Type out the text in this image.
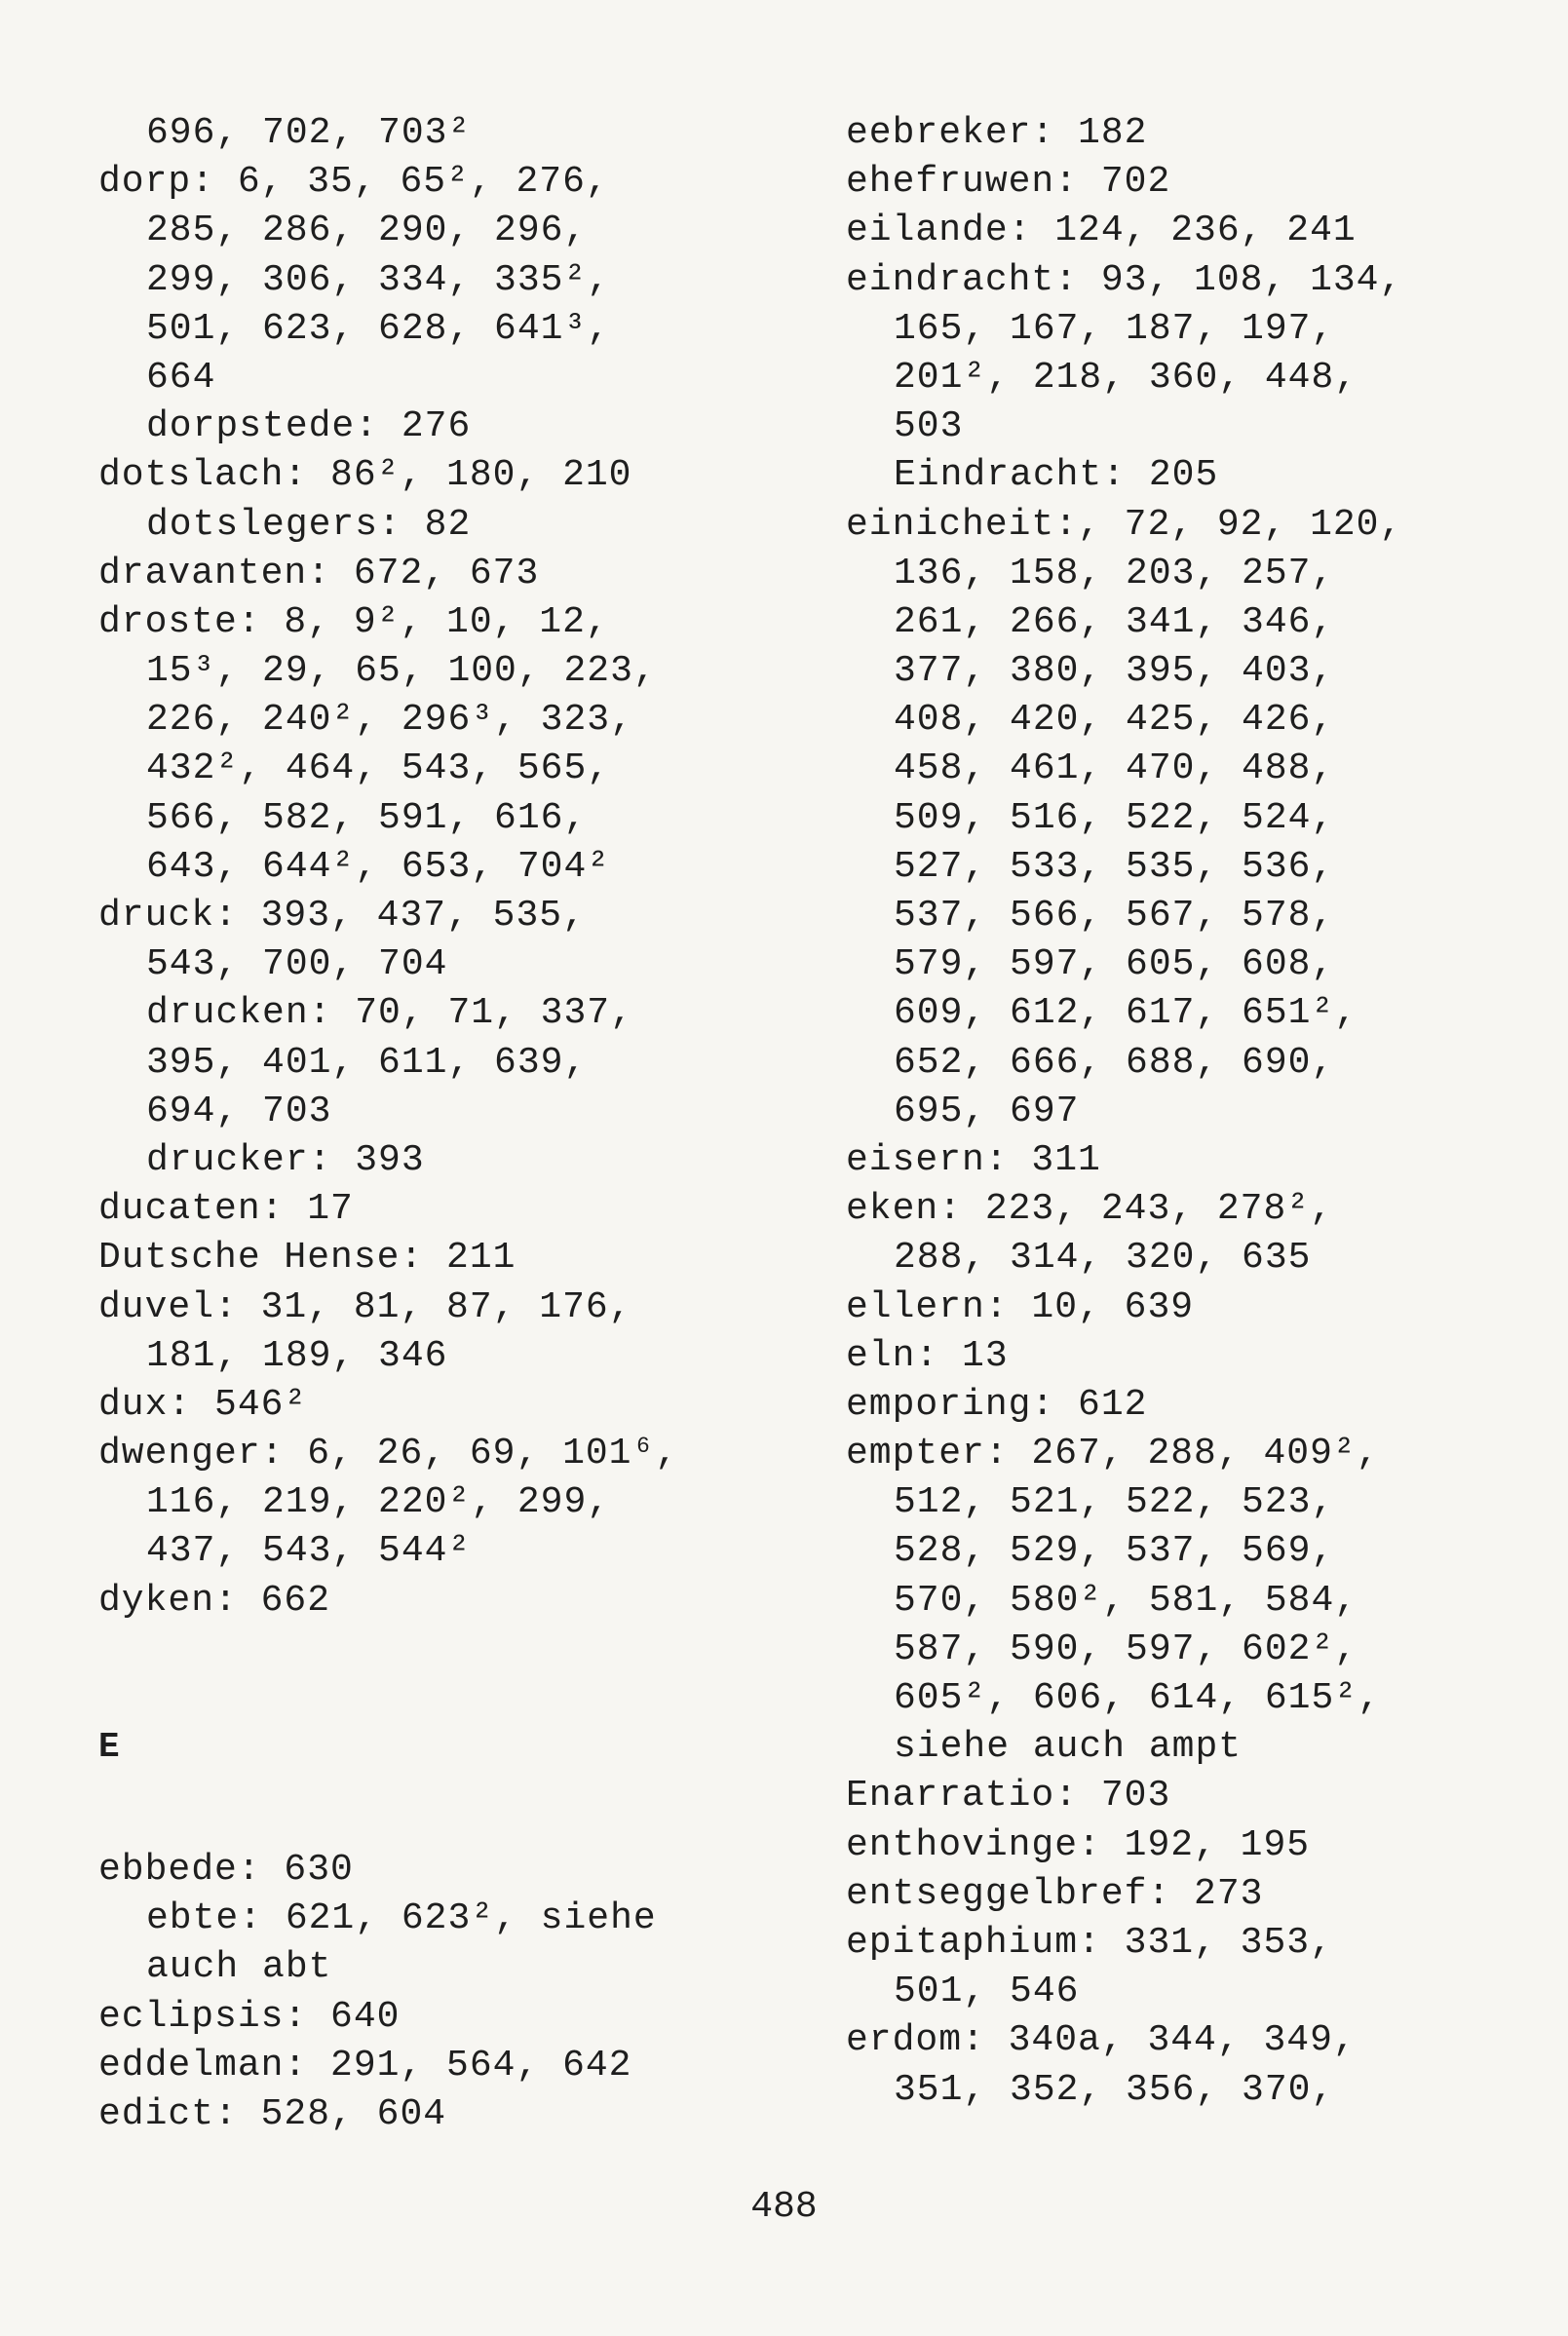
696, 702, 703²
dorp: 6, 35, 65², 276,
285, 286, 290, 296,
299, 306, 334, 335²,
501, 623, 628, 641³,
664
dorpstede: 276
dotslach: 86², 180, 210
dotslegers: 82
dravanten: 672, 673
droste: 8, 9², 10, 12,
15³, 29, 65, 100, 223,
226, 240², 296³, 323,
432², 464, 543, 565,
566, 582, 591, 616,
643, 644², 653, 704²
druck: 393, 437, 535,
543, 700, 704
drucken: 70, 71, 337,
395, 401, 611, 639,
694, 703
drucker: 393
ducaten: 17
Dutsche Hense: 211
duvel: 31, 81, 87, 176,
181, 189, 346
dux: 546²
dwenger: 6, 26, 69, 101⁶,
116, 219, 220², 299,
437, 543, 544²
dyken: 662
E
ebbede: 630
ebte: 621, 623², siehe
auch abt
eclipsis: 640
eddelman: 291, 564, 642
edict: 528, 604
eebreker: 182
ehefruwen: 702
eilande: 124, 236, 241
eindracht: 93, 108, 134,
165, 167, 187, 197,
201², 218, 360, 448,
503
Eindracht: 205
einicheit:, 72, 92, 120,
136, 158, 203, 257,
261, 266, 341, 346,
377, 380, 395, 403,
408, 420, 425, 426,
458, 461, 470, 488,
509, 516, 522, 524,
527, 533, 535, 536,
537, 566, 567, 578,
579, 597, 605, 608,
609, 612, 617, 651²,
652, 666, 688, 690,
695, 697
eisern: 311
eken: 223, 243, 278²,
288, 314, 320, 635
ellern: 10, 639
eln: 13
emporing: 612
empter: 267, 288, 409²,
512, 521, 522, 523,
528, 529, 537, 569,
570, 580², 581, 584,
587, 590, 597, 602²,
605², 606, 614, 615²,
siehe auch ampt
Enarratio: 703
enthovinge: 192, 195
entseggelbref: 273
epitaphium: 331, 353,
501, 546
erdom: 340a, 344, 349,
351, 352, 356, 370,
488
